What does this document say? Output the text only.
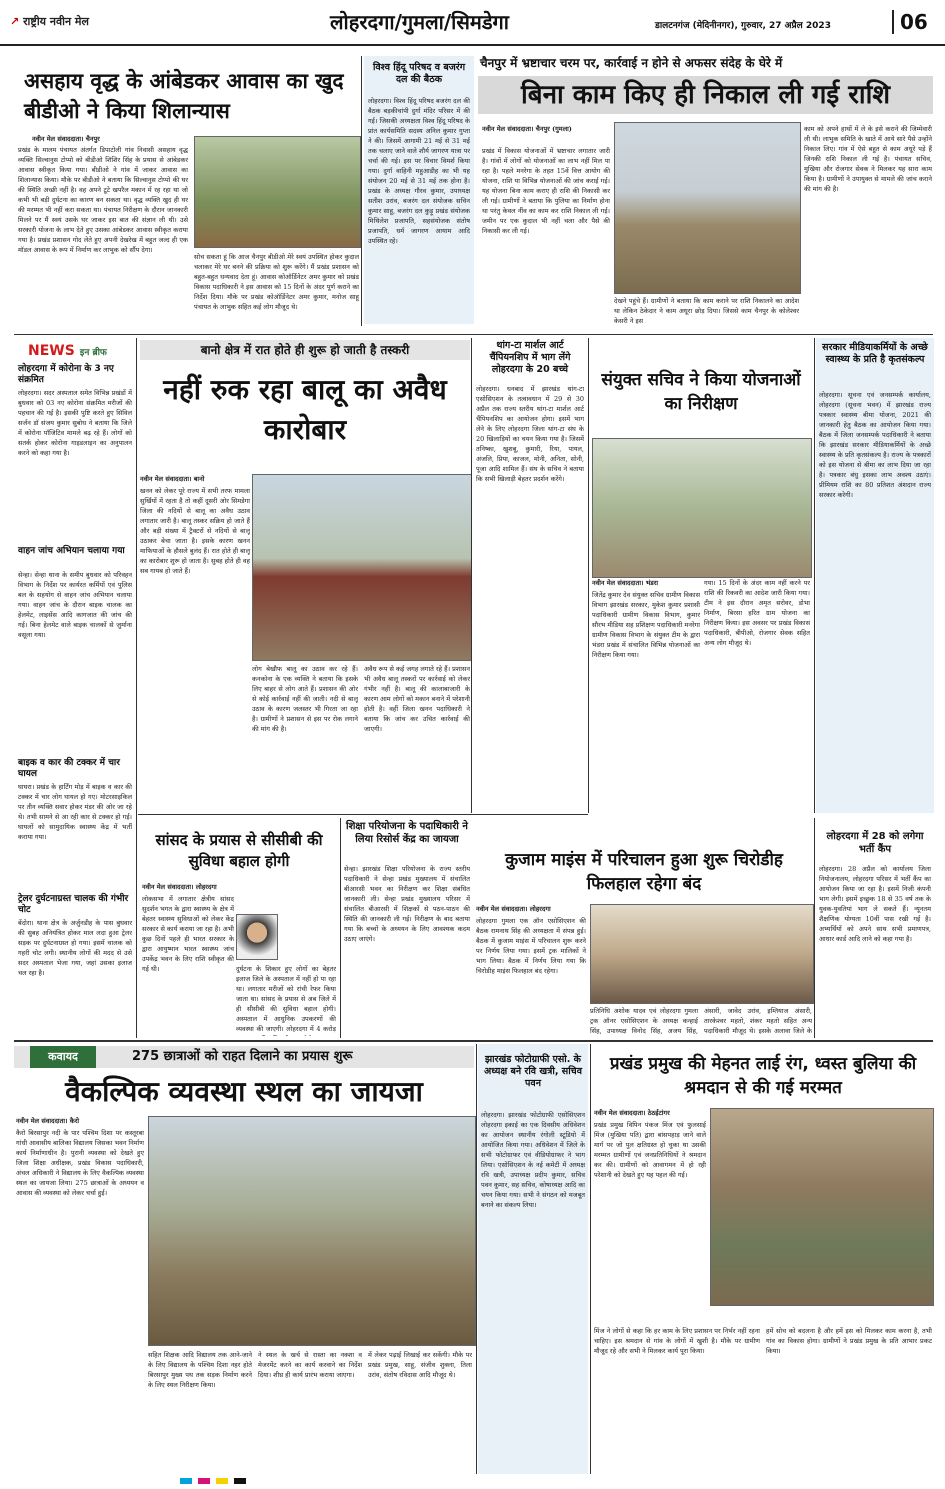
↗ राष्ट्रीय नवीन मेल	लोहरदगा/गुमला/सिमडेगा	डालटनगंज (मेदिनीनगर), गुरुवार, 27 अप्रैल 2023	06
असहाय वृद्ध के आंबेडकर आवास का खुद बीडीओ ने किया शिलान्यास
नवीन मेल संवाददाता। चैनपुर
प्रखंड के मालम पंचायत अंतर्गत डिपाटोली गांव निवासी असहाय वृद्ध व्यक्ति सिल्वानुस टोप्पो को बीडीओ शिशिर सिंह के प्रयास से आंबेडकर आवास स्वीकृत किया गया। बीडीओ ने गांव में जाकर आवास का शिलान्यास किया। मौके पर बीडीओ ने बताया कि सिल्वानुस टोप्पो की घर की स्थिति अच्छी नहीं है। वह अपने टूटे खपरैल मकान में रह रहा था जो कभी भी बड़ी दुर्घटना का कारण बन सकता था। वृद्ध व्यक्ति खुद ही घर की मरम्मत भी नहीं करा सकता था। पंचायत निरीक्षण के दौरान जानकारी मिलने पर मैं स्वयं उसके घर जाकर इस बात की संज्ञान ली थी। उसे सरकारी योजना के लाभ देते हुए उसका आंबेडकर आवास स्वीकृत कराया गया है। प्रखंड प्रशासन गोद लेते हुए अपनी देखरेख में बहुत जल्द ही एक मॉडल आवास के रूप में निर्माण कर लाभुक को सौंप देगा।
सोच सकता हूं कि आज चैनपुर बीडीओ मेरे स्वयं उपस्थित होकर कुदाल चलाकर मेरे घर बनने की प्रक्रिया को शुरू करेंगे। मैं प्रखंड प्रशासन को बहुत-बहुत धन्यवाद देता हूं। आवास कोऑर्डिनेटर अमर कुमार को प्रखंड विकास पदाधिकारी ने इस आवास को 15 दिनों के अंदर पूर्ण कराने का निर्देश दिया। मौके पर प्रखंड कोऑर्डिनेटर अमर कुमार, मनोज साहू पंचायत के लाभुक सहित कई लोग मौजूद थे।
विश्व हिंदू परिषद व बजरंग दल की बैठक
लोहरदगा। विश्व हिंदू परिषद बजरंग दल की बैठक बड़कीचांपी दुर्गा मंदिर परिसर में की गई। जिसकी अध्यक्षता विश्व हिंदू परिषद के प्रांत कार्यसमिति सदस्य अनिल कुमार गुप्ता ने की। जिसमें आगामी 21 मई से 31 मई तक चलाए जाने वाले शौर्य जागरण यात्रा पर चर्चा की गई। इस पर विचार विमर्श किया गया। दुर्गा वाहिनी महुआडीह का भी यह संयोजन 20 मई से 31 मई तक होना है। प्रखंड के अध्यक्ष गौरव कुमार, उपाध्यक्ष सतीश उरांव, बजरंग दल संयोजक सचिन कुमार साहू, बजरंग दल कुड़ू प्रखंड संयोजक मिथिलेश प्रजापति, सहसंयोजक संतोष प्रजापति, धर्म जागरण आयाम आदि उपस्थित रहे।
चैनपुर में भ्रष्टाचार चरम पर, कार्रवाई न होने से अफसर संदेह के घेरे में
बिना काम किए ही निकाल ली गई राशि
नवीन मेल संवाददाता। चैनपुर (गुमला)
प्रखंड में विकास योजनाओं में भ्रष्टाचार लगातार जारी है। गांवों में लोगों को योजनाओं का लाभ नहीं मिल पा रहा है। पहले मनरेगा के तहत 15वें वित्त आयोग की योजना, राशि या विभिन्न योजनाओं की जांच कराई गई। यह योजना बिना काम कराए ही राशि की निकासी कर ली गई। ग्रामीणों ने बताया कि पुलिया का निर्माण होना था परंतु केवल नींव का काम कर राशि निकाल ली गई। जमीन पर एक कुदाल भी नहीं चला और पैसे की निकासी कर ली गई।
देखने पहुंचे हैं। ग्रामीणों ने बताया कि काम कराने पर राशि निकालने का आदेश था लेकिन ठेकेदार ने काम अधूरा छोड़ दिया। जिससे काम चैनपुर के कोलेश्वर केसरी ने इस
काम को अपने हाथों में ले के इसे कराने की जिम्मेवारी ली थी। लाभुक समिति के खाते में आये सारे पैसे उन्होंने निकाल लिए। गांव में ऐसे बहुत से काम अधूरे पड़े हैं जिनकी राशि निकाल ली गई है। पंचायत सचिव, मुखिया और रोजगार सेवक ने मिलकर यह सारा काम किया है। ग्रामीणों ने उपायुक्त से मामले की जांच कराने की मांग की है।
NEWS इन ब्रीफ
लोहरदगा में कोरोना के 3 नए संक्रमित
लोहरदगा। सदर अस्पताल समेत विभिन्न प्रखंडों में बुधवार को 03 नए कोरोना संक्रमित मरीजों की पहचान की गई है। इसकी पुष्टि करते हुए सिविल सर्जन डॉ संजय कुमार सुबोध ने बताया कि जिले में कोरोना पॉजिटिव मामले बढ़ रहे हैं। लोगों को सतर्क होकर कोरोना गाइडलाइन का अनुपालन करने को कहा गया है।
वाहन जांच अभियान चलाया गया
सेन्हा। सेन्हा थाना के समीप बुधवार को परिवहन विभाग के निर्देश पर कार्यरत कर्मियों एवं पुलिस बल के सहयोग से वाहन जांच अभियान चलाया गया। वाहन जांच के दौरान बाइक चालक का हेलमेट, लाइसेंस आदि कागजात की जांच की गई। बिना हेलमेट वाले बाइक चालकों से जुर्माना वसूला गया।
बाइक व कार की टक्कर में चार घायल
घाघरा। प्रखंड के हार्टिंग मोड़ में बाइक व कार की टक्कर में चार लोग घायल हो गए। मोटरसाइकिल पर तीन व्यक्ति सवार होकर मंडर की ओर जा रहे थे। तभी सामने से आ रही कार से टक्कर हो गई। घायलों को सामुदायिक स्वास्थ्य केंद्र में भर्ती कराया गया।
ट्रेलर दुर्घटनाग्रस्त चालक की गंभीर चोट
बेंदोरा। थाना क्षेत्र के अर्जुनडीह के पास बुधवार की सुबह अनियंत्रित होकर माल लदा हुआ ट्रेलर सड़क पर दुर्घटनाग्रस्त हो गया। इसमें चालक को गहरी चोट लगी। स्थानीय लोगों की मदद से उसे सदर अस्पताल भेजा गया, जहां उसका इलाज चल रहा है।
बानो क्षेत्र में रात होते ही शुरू हो जाती है तस्करी
नहीं रुक रहा बालू का अवैध कारोबार
नवीन मेल संवाददाता। बानो
खनन को लेकर पूरे राज्य में सभी तरफ मामला सुर्खियों में रहता है तो कहीं दूसरी ओर सिमडेगा जिला की नदियों से बालू का अवैध उठाव लगातार जारी है। बालू तस्कर सक्रिय हो जाते हैं और बड़ी संख्या में ट्रैक्टरों से नदियों से बालू उठाकर बेचा जाता है। इसके कारण खनन माफियाओं के हौसले बुलंद हैं। रात होते ही बालू का कारोबार शुरू हो जाता है। सुबह होते ही वह सब गायब हो जाते हैं।
लोग बेखौफ बालू का उठाव कर रहे हैं। कनकोना के एक व्यक्ति ने बताया कि इसके लिए बाहर से लोग आते हैं। प्रशासन की ओर से कोई कार्रवाई नहीं की जाती। नदी से बालू उठाव के कारण जलस्तर भी गिरता जा रहा है। ग्रामीणों ने प्रशासन से इस पर रोक लगाने की मांग की है।
अवैध रूप से कई जगह लगाते रहे हैं। प्रशासन भी अवैध बालू तस्करों पर कार्रवाई को लेकर गंभीर नहीं है। बालू की कालाबाजारी के कारण आम लोगों को मकान बनाने में परेशानी होती है। वहीं जिला खनन पदाधिकारी ने बताया कि जांच कर उचित कार्रवाई की जाएगी।
थांग-टा मार्शल आर्ट चैंपियनशिप में भाग लेंगे लोहरदगा के 20 बच्चे
लोहरदगा। धनबाद में झारखंड थांग-टा एसोसिएशन के तत्वावधान में 29 से 30 अप्रैल तक राज्य स्तरीय थांग-टा मार्शल आर्ट चैंपियनशिप का आयोजन होगा। इसमें भाग लेने के लिए लोहरदगा जिला थांग-टा संघ के 20 खिलाड़ियों का चयन किया गया है। जिसमें तनिष्का, खुशबू, कुमारी, रिया, पायल, अंजलि, प्रिया, काजल, मोनी, अनिता, सोनी, पूजा आदि शामिल हैं। संघ के सचिव ने बताया कि सभी खिलाड़ी बेहतर प्रदर्शन करेंगे।
संयुक्त सचिव ने किया योजनाओं का निरीक्षण
नवीन मेल संवाददाता। भंडरा
जितेंद्र कुमार देव संयुक्त सचिव ग्रामीण विकास विभाग झारखंड सरकार, मुकेश कुमार प्रशासी पदाधिकारी ग्रामीण विकास विभाग, कुमार सौरभ मीडिया सह प्रशिक्षण पदाधिकारी मनरेगा ग्रामीण विकास विभाग के संयुक्त टीम के द्वारा भंडरा प्रखंड में संचालित विभिन्न योजनाओं का निरीक्षण किया गया।
गया। 15 दिनों के अंदर काम नहीं करने पर राशि की रिकवरी का आदेश जारी किया गया। टीम ने इस दौरान अमृत सरोवर, डोभा निर्माण, बिरसा हरित ग्राम योजना का निरीक्षण किया। इस अवसर पर प्रखंड विकास पदाधिकारी, बीपीओ, रोजगार सेवक सहित अन्य लोग मौजूद थे।
सरकार मीडियाकर्मियों के अच्छे स्वास्थ्य के प्रति है कृतसंकल्प
लोहरदगा। सूचना एवं जनसम्पर्क कार्यालय, लोहरदगा (सूचना भवन) में झारखंड राज्य पत्रकार स्वास्थ्य बीमा योजना, 2021 की जानकारी हेतु बैठक का आयोजन किया गया। बैठक में जिला जनसम्पर्क पदाधिकारी ने बताया कि झारखंड सरकार मीडियाकर्मियों के अच्छे स्वास्थ्य के प्रति कृतसंकल्प है। राज्य के पत्रकारों को इस योजना से बीमा का लाभ दिया जा रहा है। पत्रकार बंधु इसका लाभ अवश्य उठाएं। प्रीमियम राशि का 80 प्रतिशत अंशदान राज्य सरकार करेगी।
सांसद के प्रयास से सीसीबी की सुविधा बहाल होगी
नवीन मेल संवाददाता। लोहरदगा
लोकसभा में लगातार क्षेत्रीय सांसद सुदर्शन भगत के द्वारा स्वास्थ्य के क्षेत्र में बेहतर स्वास्थ्य सुविधाओं को लेकर केंद्र सरकार से कार्य कराया जा रहा है। अभी कुछ दिनों पहले ही भारत सरकार के द्वारा आयुष्मान भारत स्वास्थ्य जांच उपकेंद्र भवन के लिए राशि स्वीकृत की गई थी।	दुर्घटना के शिकार हुए लोगों का बेहतर इलाज जिले के अस्पताल में नहीं हो पा रहा था। लगातार मरीजों को रांची रेफर किया जाता था। सांसद के प्रयास से अब जिले में ही सीसीबी की सुविधा बहाल होगी। अस्पताल में आधुनिक उपकरणों की व्यवस्था की जाएगी। लोहरदगा में 4 करोड़
शिक्षा परियोजना के पदाधिकारी ने लिया रिसोर्स केंद्र का जायजा
सेन्हा। झारखंड शिक्षा परियोजना के राज्य स्तरीय पदाधिकारी ने सेन्हा प्रखंड मुख्यालय में संचालित बीआरसी भवन का निरीक्षण कर शिक्षा संबंधित जानकारी ली। सेन्हा प्रखंड मुख्यालय परिसर में संचालित बीआरसी में शिक्षकों से पठन-पाठन की स्थिति की जानकारी ली गई। निरीक्षण के बाद बताया गया कि बच्चों के अध्ययन के लिए आवश्यक कदम उठाए जाएंगे।
कुजाम माइंस में परिचालन हुआ शुरू चिरोडीह फिलहाल रहेगा बंद
नवीन मेल संवाददाता। लोहरदगा
लोहरदगा गुमला एक ऑन एसोसिएशन की बैठक रामनाथ सिंह की अध्यक्षता में संपन्न हुई। बैठक में कुजाम माइंस में परिचालन शुरू करने पर निर्णय लिया गया। इसमें ट्रक मालिकों ने भाग लिया। बैठक में निर्णय लिया गया कि चिरोडीह माइंस फिलहाल बंद रहेगा।
प्रतिनिधि अशोक यादव एवं लोहरदगा गुमला ट्रक ऑनर एसोसिएशन के अध्यक्ष कन्हाई सिंह, उपाध्यक्ष विनोद सिंह, अजय सिंह,
अंसारी, जावेद उरांव, इम्तियाज अंसारी, तारकेश्वर महतो, शंकर महतो सहित अन्य पदाधिकारी मौजूद थे। इसके अलावा जिले के
लोहरदगा में 28 को लगेगा भर्ती कैंप
लोहरदगा। 28 अप्रैल को कार्यालय जिला नियोजनालय, लोहरदगा परिसर में भर्ती कैंप का आयोजन किया जा रहा है। इसमें निजी कंपनी भाग लेगी। इसमें इच्छुक 18 से 35 वर्ष तक के युवक-युवतियां भाग ले सकते हैं। न्यूनतम शैक्षणिक योग्यता 10वीं पास रखी गई है। अभ्यर्थियों को अपने साथ सभी प्रमाणपत्र, आधार कार्ड आदि लाने को कहा गया है।
कवायद	275 छात्राओं को राहत दिलाने का प्रयास शुरू
वैकल्पिक व्यवस्था स्थल का जायजा
नवीन मेल संवाददाता। कैरो
कैरो बिरसापुर नदी के पार पश्चिम दिशा पर कस्तूरबा गांधी आवासीय बालिका विद्यालय जिसका भवन निर्माण कार्य निर्माणाधीन है। पुरानी व्यवस्था को देखते हुए जिला शिक्षा अधीक्षक, प्रखंड विकास पदाधिकारी, अंचल अधिकारी ने विद्यालय के लिए वैकल्पिक व्यवस्था स्थल का जायजा लिया। 275 छात्राओं के अध्ययन व आवास की व्यवस्था को लेकर चर्चा हुई।
सहित शिक्षक आदि विद्यालय तक आने-जाने के लिए विद्यालय के पश्चिम दिशा नहर होते बिरसापुर मुख्य पथ तक सड़क निर्माण करने के लिए स्थल निरीक्षण किया।
ने स्थल के खर्च से रास्ता का नक्शा व मेजरमेंट करने का कार्य करवाने का निर्देश दिया। शीघ्र ही कार्य प्रारंभ कराया जाएगा।
में लेकर पढ़ाई लिखाई कर सकेंगी। मौके पर प्रखंड प्रमुख, साहू, संजीव शुक्ला, तिला उरांव, संतोष रविदास आदि मौजूद थे।
झारखंड फोटोग्राफी एसो. के अध्यक्ष बने रवि खत्री, सचिव पवन
लोहरदगा। झारखंड फोटोग्राफी एसोसिएशन लोहरदगा इकाई का एक दिवसीय अधिवेशन का आयोजन स्थानीय रंगोली स्टूडियो में आयोजित किया गया। अधिवेशन में जिले के सभी फोटोग्राफर एवं वीडियोग्राफर ने भाग लिया। एसोसिएशन के नई कमेटी में अध्यक्ष रवि खत्री, उपाध्यक्ष प्रदीप कुमार, सचिव पवन कुमार, सह सचिव, कोषाध्यक्ष आदि का चयन किया गया। सभी ने संगठन को मजबूत बनाने का संकल्प लिया।
प्रखंड प्रमुख की मेहनत लाई रंग, ध्वस्त बुलिया की श्रमदान से की गई मरम्मत
नवीन मेल संवाददाता। ठेठईटांगर
प्रखंड प्रमुख विपिन पंकज मिंज एवं फुलसाई मिंज (मुखिया पति) द्वारा बांसपहाड़ जाने वाले मार्ग पर जो पुल क्षतिग्रस्त हो चुका था उसकी मरम्मत ग्रामीणों एवं जनप्रतिनिधियों ने श्रमदान कर की। ग्रामीणों को आवागमन में हो रही परेशानी को देखते हुए यह पहल की गई।
मिंज ने लोगों से कहा कि हर काम के लिए प्रशासन पर निर्भर नहीं रहना चाहिए। इस श्रमदान से गांव के लोगों में खुशी है। मौके पर ग्रामीण मौजूद रहे और सभी ने मिलकर कार्य पूरा किया।
हमें सोच को बदलना है और हमें इस को मिलकर काम करना है, तभी गांव का विकास होगा। ग्रामीणों ने प्रखंड प्रमुख के प्रति आभार प्रकट किया।
